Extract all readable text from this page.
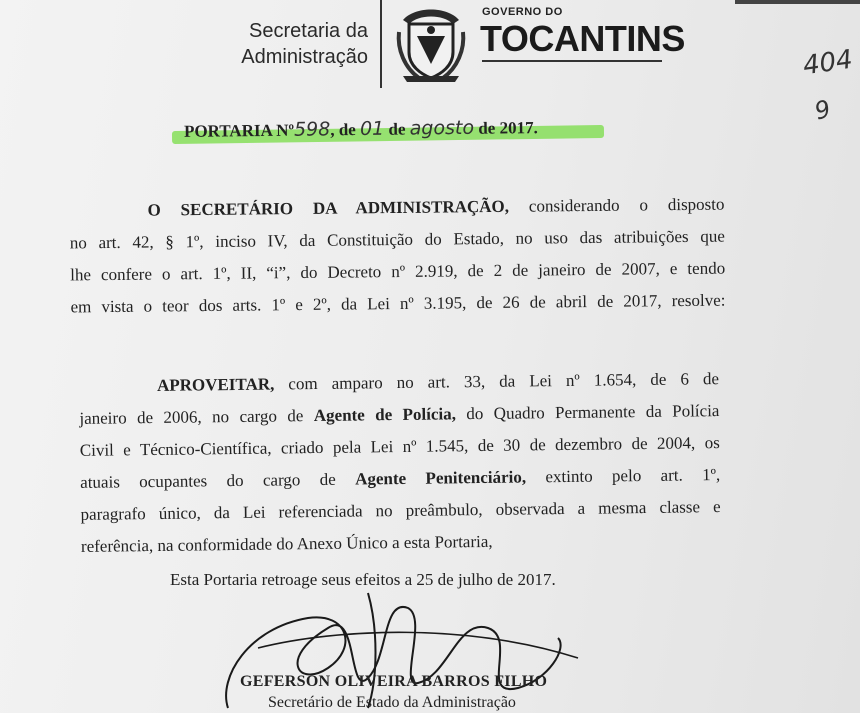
Secretaria da
Administração
GOVERNO DO
TOCANTINS
404
9
PORTARIA Nº598, de 01 de agosto de 2017.
O SECRETÁRIO DA ADMINISTRAÇÃO, considerando o disposto
no art. 42, § 1º, inciso IV, da Constituição do Estado, no uso das atribuições que
lhe confere o art. 1º, II, “i”, do Decreto nº 2.919, de 2 de janeiro de 2007, e tendo
em vista o teor dos arts. 1º e 2º, da Lei nº 3.195, de 26 de abril de 2017, resolve:
APROVEITAR, com amparo no art. 33, da Lei nº 1.654, de 6 de
janeiro de 2006, no cargo de Agente de Polícia, do Quadro Permanente da Polícia
Civil e Técnico-Científica, criado pela Lei nº 1.545, de 30 de dezembro de 2004, os
atuais ocupantes do cargo de Agente Penitenciário, extinto pelo art. 1º,
paragrafo único, da Lei referenciada no preâmbulo, observada a mesma classe e
referência, na conformidade do Anexo Único a esta Portaria,
Esta Portaria retroage seus efeitos a 25 de julho de 2017.
GEFERSON OLIVEIRA BARROS FILHO
Secretário de Estado da Administração
